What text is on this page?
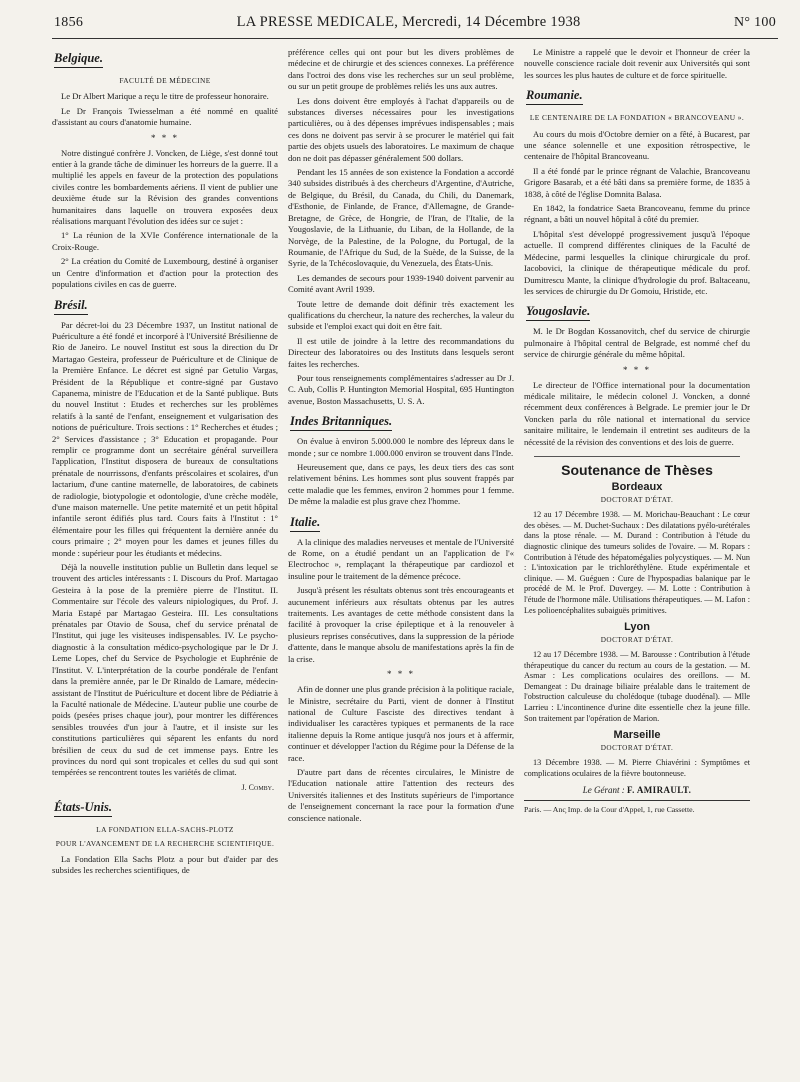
1856	LA PRESSE MEDICALE, Mercredi, 14 Décembre 1938	N° 100
Belgique.
FACULTÉ DE MÉDECINE

Le Dr Albert Marique a reçu le titre de professeur honoraire.

Le Dr François Twiesselman a été nommé en qualité d'assistant au cours d'anatomie humaine.

* * *

Notre distingué confrère J. Voncken, de Liège, s'est donné tout entier à la grande tâche de diminuer les horreurs de la guerre. Il a multiplié les appels en faveur de la protection des populations civiles contre les bombardements aériens. Il vient de publier une deuxième étude sur la Révision des grandes conventions humanitaires dans laquelle on trouvera exposées deux réalisations marquant l'évolution des idées sur ce sujet :

1° La réunion de la XVIe Conférence internationale de la Croix-Rouge.

2° La création du Comité de Luxembourg, destiné à organiser un Centre d'information et d'action pour la protection des populations civiles en cas de guerre.

Brésil.

Par décret-loi du 23 Décembre 1937, un Institut national de Puériculture a été fondé et incorporé à l'Université Brésilienne de Rio de Janeiro. Le nouvel Institut est sous la direction du Dr Martagao Gesteira, professeur de Puériculture et de Clinique de la Première Enfance. Le décret est signé par Getulio Vargas, Président de la République et contre-signé par Gustavo Capanema, ministre de l'Education et de la Santé publique. Buts du nouvel Institut : Etudes et recherches sur les problèmes relatifs à la santé de l'enfant, enseignement et vulgarisation des notions de puériculture. Trois sections : 1° Recherches et études ; 2° Services d'assistance ; 3° Education et propagande. Pour remplir ce programme dont un secrétaire général surveillera l'application, l'Institut disposera de bureaux de consultations prénatale de nourrissons, d'enfants préscolaires et scolaires, d'un lactarium, d'une cantine maternelle, de laboratoires, de cabinets de radiologie, biotypologie et odontologie, d'une crèche modèle, d'une maison maternelle. Une petite maternité et un petit hôpital infantile seront édifiés plus tard. Cours faits à l'Institut : 1° élémentaire pour les filles qui fréquentent la dernière année du cours primaire ; 2° moyen pour les dames et jeunes filles du monde : supérieur pour les étudiants et médecins.

Déjà la nouvelle institution publie un Bulletin dans lequel se trouvent des articles intéressants : I. Discours du Prof. Martagao Gesteira à la pose de la première pierre de l'Institut. II. Commentaire sur l'école des valeurs nipiologiques, du Prof. J. Maria Estapé par Martagao Gesteira. III. Les consultations prénatales par Otavio de Sousa, chef du service prénatal de l'Institut, qui juge les visiteuses indispensables. IV. Le psycho-diagnostic à la consultation médico-psychologique par le Dr J. Leme Lopes, chef du Service de Psychologie et Euphrénie de l'Institut. V. L'interprétation de la courbe pondérale de l'enfant dans la première année, par le Dr Rinaldo de Lamare, médecin-assistant de l'Institut de Puériculture et docent libre de Pédiatrie à la Faculté nationale de Médecine. L'auteur publie une courbe de poids (pesées prises chaque jour), pour montrer les différences sensibles trouvées d'un jour à l'autre, et il insiste sur les constitutions particulières qui séparent les enfants du nord brésilien de ceux du sud de cet immense pays. Entre les provinces du nord qui sont tropicales et celles du sud qui sont tempérées se rencontrent toutes les variétés de climat.

J. Comby.
États-Unis.
LA FONDATION ELLA-SACHS-PLOTZ
POUR L'AVANCEMENT DE LA RECHERCHE SCIENTIFIQUE.

La Fondation Ella Sachs Plotz a pour but d'aider par des subsides les recherches scientifiques, de

préférence celles qui ont pour but les divers problèmes de médecine et de chirurgie et des sciences connexes. La préférence dans l'octroi des dons vise les recherches sur un seul problème, ou sur un petit groupe de problèmes reliés les uns aux autres.

Les dons doivent être employés à l'achat d'appareils ou de substances diverses nécessaires pour les investigations particulières, ou à des dépenses imprévues indispensables ; mais ces dons ne doivent pas servir à se procurer le matériel qui fait partie des objets usuels des laboratoires. Le maximum de chaque don ne doit pas dépasser généralement 500 dollars.

Pendant les 15 années de son existence la Fondation a accordé 340 subsides distribués à des chercheurs d'Argentine, d'Autriche, de Belgique, du Brésil, du Canada, du Chili, du Danemark, d'Esthonie, de Finlande, de France, d'Allemagne, de Grande-Bretagne, de Grèce, de Hongrie, de l'Iran, de l'Italie, de la Yougoslavie, de la Lithuanie, du Liban, de la Hollande, de la Norvège, de la Palestine, de la Pologne, du Portugal, de la Roumanie, de l'Afrique du Sud, de la Suède, de la Suisse, de la Syrie, de la Tchécoslovaquie, du Venezuela, des États-Unis.

Les demandes de secours pour 1939-1940 doivent parvenir au Comité avant Avril 1939.

Toute lettre de demande doit définir très exactement les qualifications du chercheur, la nature des recherches, la valeur du subside et l'emploi exact qui doit en être fait.

Il est utile de joindre à la lettre des recommandations du Directeur des laboratoires ou des Instituts dans lesquels seront faites les recherches.

Pour tous renseignements complémentaires s'adresser au Dr J. C. Aub, Collis P. Huntington Memorial Hospital, 695 Huntington avenue, Boston Massachusetts, U. S. A.

Indes Britanniques.

On évalue à environ 5.000.000 le nombre des lépreux dans le monde ; sur ce nombre 1.000.000 environ se trouvent dans l'Inde.

Heureusement que, dans ce pays, les deux tiers des cas sont relativement bénins. Les hommes sont plus souvent frappés par cette maladie que les femmes, environ 2 hommes pour 1 femme. De même la maladie est plus grave chez l'homme.

Italie.

A la clinique des maladies nerveuses et mentale de l'Université de Rome, on a étudié pendant un an l'application de l'« Electrochoc », remplaçant la thérapeutique par cardiozol et insuline pour le traitement de la démence précoce.

Jusqu'à présent les résultats obtenus sont très encourageants et aucunement inférieurs aux résultats obtenus par les autres traitements. Les avantages de cette méthode consistent dans la facilité à provoquer la crise épileptique et à la renouveler à plusieurs reprises consécutives, dans la suppression de la période d'attente, dans le manque absolu de manifestations après la fin de la crise.

* * *

Afin de donner une plus grande précision à la politique raciale, le Ministre, secrétaire du Parti, vient de donner à l'Institut national de Culture Fasciste des directives tendant à individualiser les caractères typiques et permanents de la race italienne depuis la Rome antique jusqu'à nos jours et à affermir, continuer et développer l'action du Régime pour la Défense de la race.

D'autre part dans de récentes circulaires, le Ministre de l'Education nationale attire l'attention des recteurs des Universités italiennes et des Instituts supérieurs de l'importance de l'enseignement concernant la race pour la formation d'une conscience nationale.

Le Ministre a rappelé que le devoir et l'honneur de créer la nouvelle conscience raciale doit revenir aux Universités qui sont les sources les plus hautes de culture et de force spirituelle.

Roumanie.
LE CENTENAIRE DE LA FONDATION « BRANCOVEANU ».

Au cours du mois d'Octobre dernier on a fêté, à Bucarest, par une séance solennelle et une exposition rétrospective, le centenaire de l'hôpital Brancoveanu.

Il a été fondé par le prince régnant de Valachie, Brancoveanu Grigore Basarab, et a été bâti dans sa première forme, de 1835 à 1838, à côté de l'église Domnita Balasa.

En 1842, la fondatrice Saeta Brancoveanu, femme du prince régnant, a bâti un nouvel hôpital à côté du premier.

L'hôpital s'est développé progressivement jusqu'à l'époque actuelle. Il comprend différentes cliniques de la Faculté de Médecine, parmi lesquelles la clinique chirurgicale du prof. Iacobovici, la clinique de thérapeutique médicale du prof. Dumitrescu Mante, la clinique d'hydrologie du prof. Baltaceanu, les services de chirurgie du Dr Gomoiu, Hristide, etc.

Yougoslavie.

M. le Dr Bogdan Kossanovitch, chef du service de chirurgie pulmonaire à l'hôpital central de Belgrade, est nommé chef du service de chirurgie générale du même hôpital.

* * *

Le directeur de l'Office international pour la documentation médicale militaire, le médecin colonel J. Voncken, a donné récemment deux conférences à Belgrade. Le premier jour le Dr Voncken parla du rôle national et international du service sanitaire militaire, le lendemain il entretint ses auditeurs de la nécessité de la révision des conventions et des lois de guerre.

Soutenance de Thèses
Bordeaux
DOCTORAT D'ÉTAT.

12 au 17 Décembre 1938. — M. Morichau-Beauchant : Le cœur des obèses. — M. Duchet-Suchaux : Des dilatations pyélo-urétérales dans la ptose rénale. — M. Durand : Contribution à l'étude du diagnostic clinique des tumeurs solides de l'ovaire. — M. Ropars : Contribution à l'étude des hépatomégalies polycystiques. — M. Nun : L'intoxication par le trichloréthylène. Etude expérimentale et clinique. — M. Guéguen : Cure de l'hypospadias balanique par le procédé de M. le Prof. Duvergey. — M. Lotte : Contribution à l'étude de l'hormone mâle. Utilisations thérapeutiques. — M. Lafon : Les polioencéphalites subaiguës primitives.

Lyon
DOCTORAT D'ÉTAT.

12 au 17 Décembre 1938. — M. Barousse : Contribution à l'étude thérapeutique du cancer du rectum au cours de la gestation. — M. Asmar : Les complications oculaires des oreillons. — M. Demangeat : Du drainage biliaire préalable dans le traitement de l'obstruction calculeuse du cholédoque (tubage duodénal). — Mlle Larrieu : L'incontinence d'urine dite essentielle chez la jeune fille. Son traitement par l'opération de Marion.

Marseille
DOCTORAT D'ÉTAT.

13 Décembre 1938. — M. Pierre Chiavérini : Symptômes et complications oculaires de la fièvre boutonneuse.

Le Gérant : F. AMIRAULT.
Paris. — Anc᷊ Imp. de la Cour d'Appel, 1, rue Cassette.
